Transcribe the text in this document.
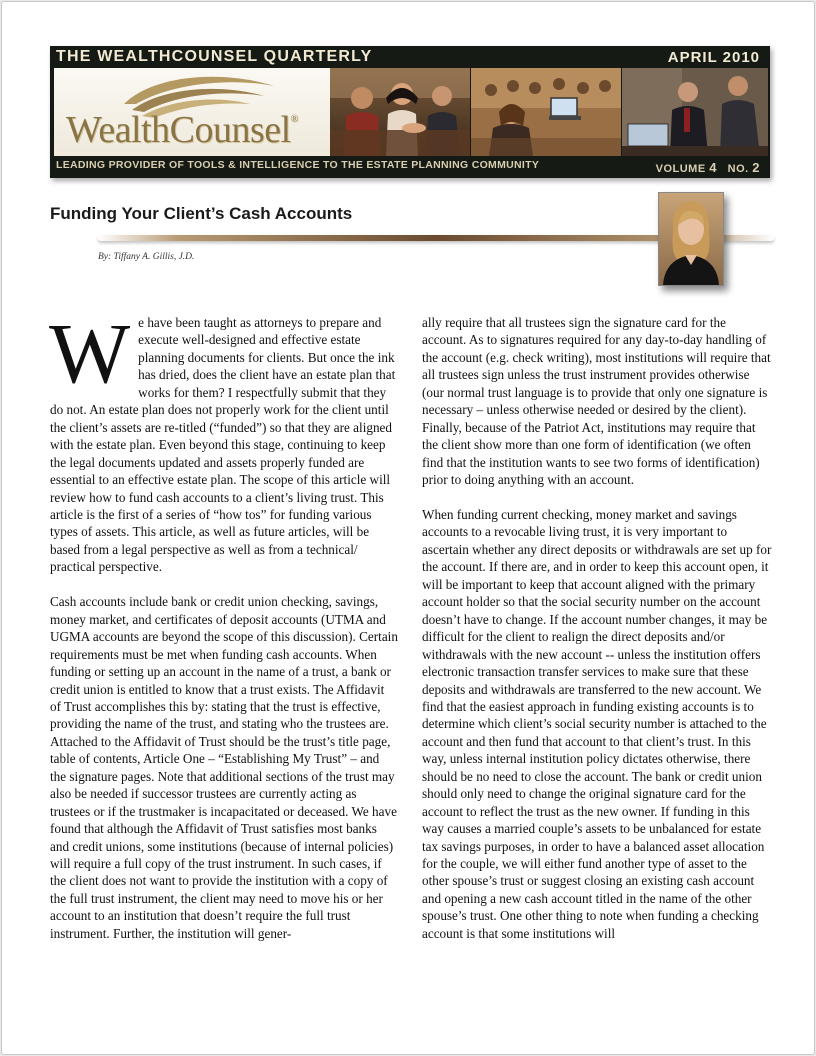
THE WEALTHCOUNSEL QUARTERLY	APRIL 2010
WealthCounsel®
LEADING PROVIDER OF TOOLS & INTELLIGENCE TO THE ESTATE PLANNING COMMUNITY	VOLUME 4 NO. 2
Funding Your Client’s Cash Accounts
By: Tiffany A. Gillis, J.D.

We have been taught as attorneys to prepare and execute well-designed and effective estate planning documents for clients. But once the ink has dried, does the client have an estate plan that works for them? I respectfully submit that they do not. An estate plan does not properly work for the client until the client’s assets are re-titled (“funded”) so that they are aligned with the estate plan. Even beyond this stage, continuing to keep the legal documents updated and assets properly funded are essential to an effective estate plan. The scope of this article will review how to fund cash accounts to a client’s living trust. This article is the first of a series of “how tos” for funding various types of assets. This article, as well as future articles, will be based from a legal perspective as well as from a technical/ practical perspective.

Cash accounts include bank or credit union checking, savings, money market, and certificates of deposit accounts (UTMA and UGMA accounts are beyond the scope of this discussion). Certain requirements must be met when funding cash accounts. When funding or setting up an account in the name of a trust, a bank or credit union is entitled to know that a trust exists. The Affidavit of Trust accomplishes this by: stating that the trust is effective, providing the name of the trust, and stating who the trustees are. Attached to the Affidavit of Trust should be the trust’s title page, table of contents, Article One – “Establishing My Trust” – and the signature pages. Note that additional sections of the trust may also be needed if successor trustees are currently acting as trustees or if the trustmaker is incapacitated or deceased. We have found that although the Affidavit of Trust satisfies most banks and credit unions, some institutions (because of internal policies) will require a full copy of the trust instrument. In such cases, if the client does not want to provide the institution with a copy of the full trust instrument, the client may need to move his or her account to an institution that doesn’t require the full trust instrument. Further, the institution will gener-

ally require that all trustees sign the signature card for the account. As to signatures required for any day-to-day handling of the account (e.g. check writing), most institutions will require that all trustees sign unless the trust instrument provides otherwise (our normal trust language is to provide that only one signature is necessary – unless otherwise needed or desired by the client). Finally, because of the Patriot Act, institutions may require that the client show more than one form of identification (we often find that the institution wants to see two forms of identification) prior to doing anything with an account.

When funding current checking, money market and savings accounts to a revocable living trust, it is very important to ascertain whether any direct deposits or withdrawals are set up for the account. If there are, and in order to keep this account open, it will be important to keep that account aligned with the primary account holder so that the social security number on the account doesn’t have to change. If the account number changes, it may be difficult for the client to realign the direct deposits and/or withdrawals with the new account -- unless the institution offers electronic transaction transfer services to make sure that these deposits and withdrawals are transferred to the new account. We find that the easiest approach in funding existing accounts is to determine which client’s social security number is attached to the account and then fund that account to that client’s trust. In this way, unless internal institution policy dictates otherwise, there should be no need to close the account. The bank or credit union should only need to change the original signature card for the account to reflect the trust as the new owner. If funding in this way causes a married couple’s assets to be unbalanced for estate tax savings purposes, in order to have a balanced asset allocation for the couple, we will either fund another type of asset to the other spouse’s trust or suggest closing an existing cash account and opening a new cash account titled in the name of the other spouse’s trust. One other thing to note when funding a checking account is that some institutions will
